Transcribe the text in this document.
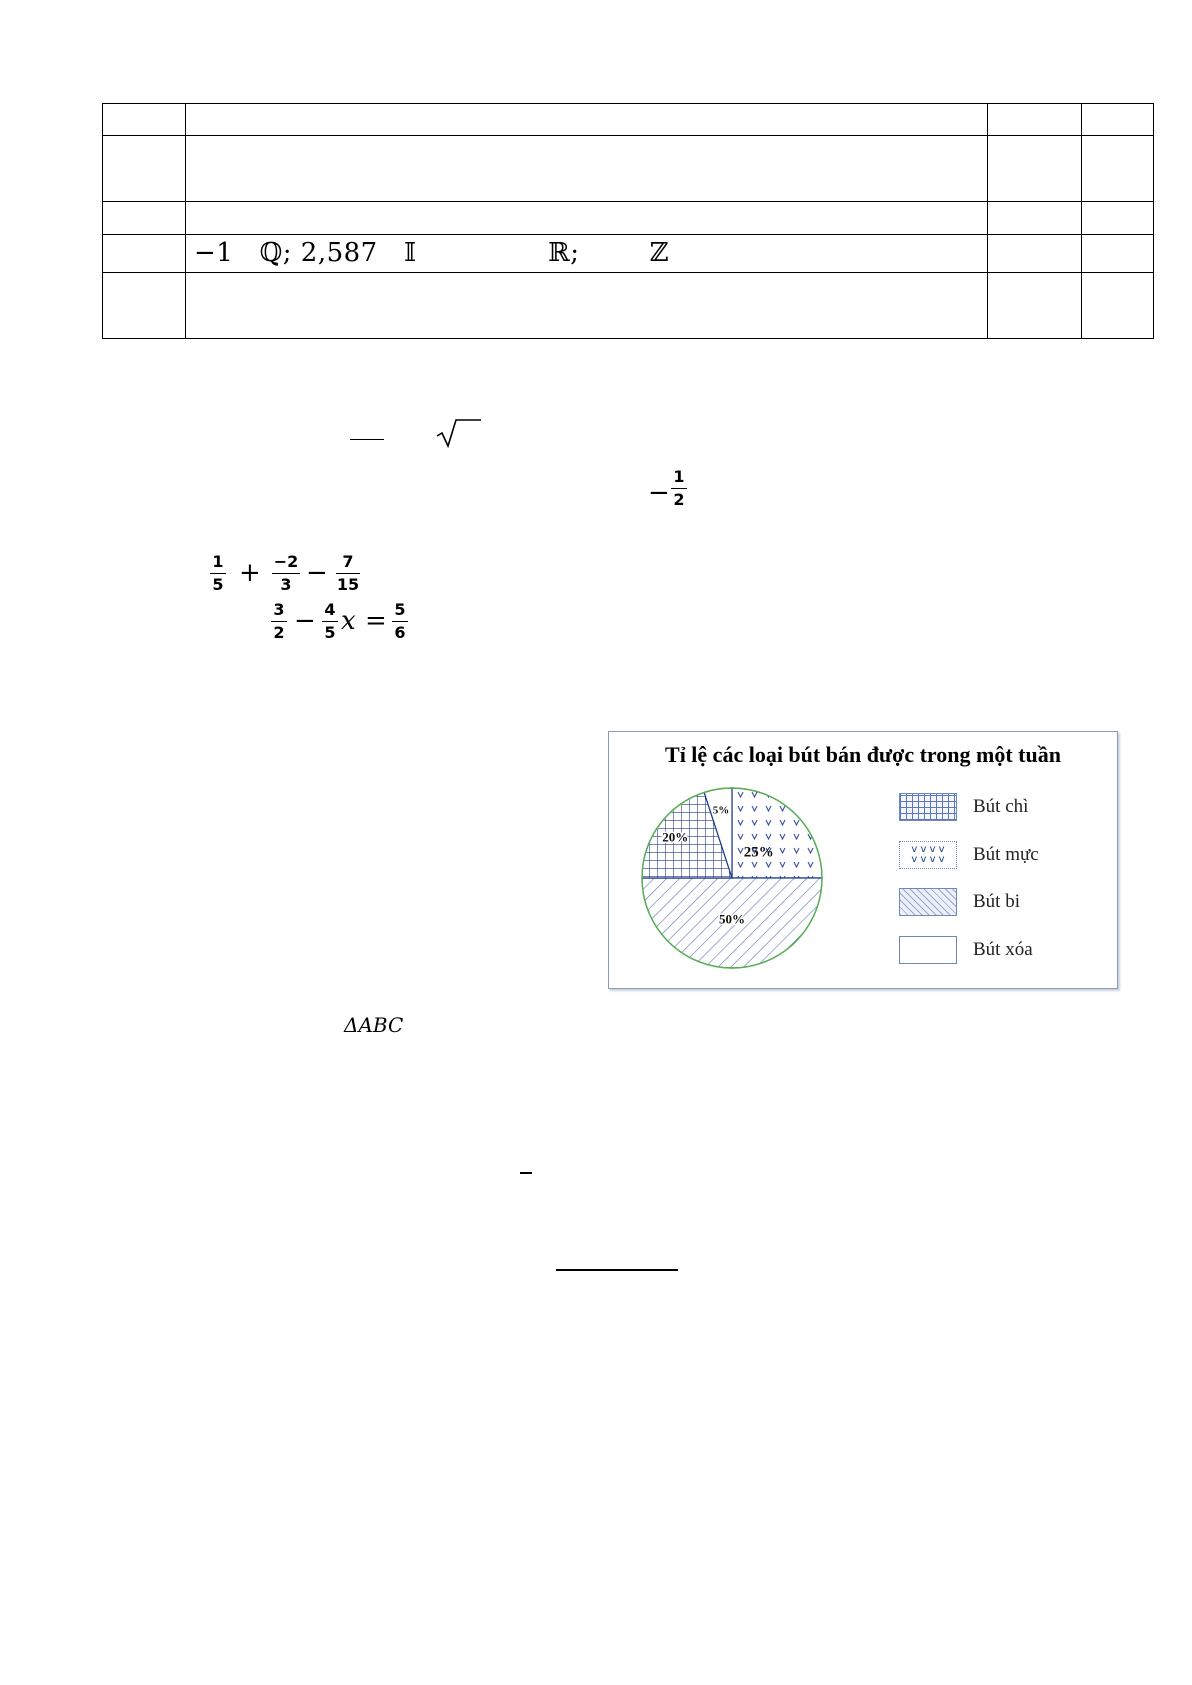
	−1   ℚ; 2,587   𝕀               ℝ;        ℤ		

−
1
2
1
5 + −2
3 − 7
15
3
2 − 4
5 x = 5
6
Tỉ lệ các loại bút bán được trong một tuần
25%
50%
20%
5%	Bút chì
v v v v
v v v v Bút mực
Bút bi
Bút xóa
ΔABC
